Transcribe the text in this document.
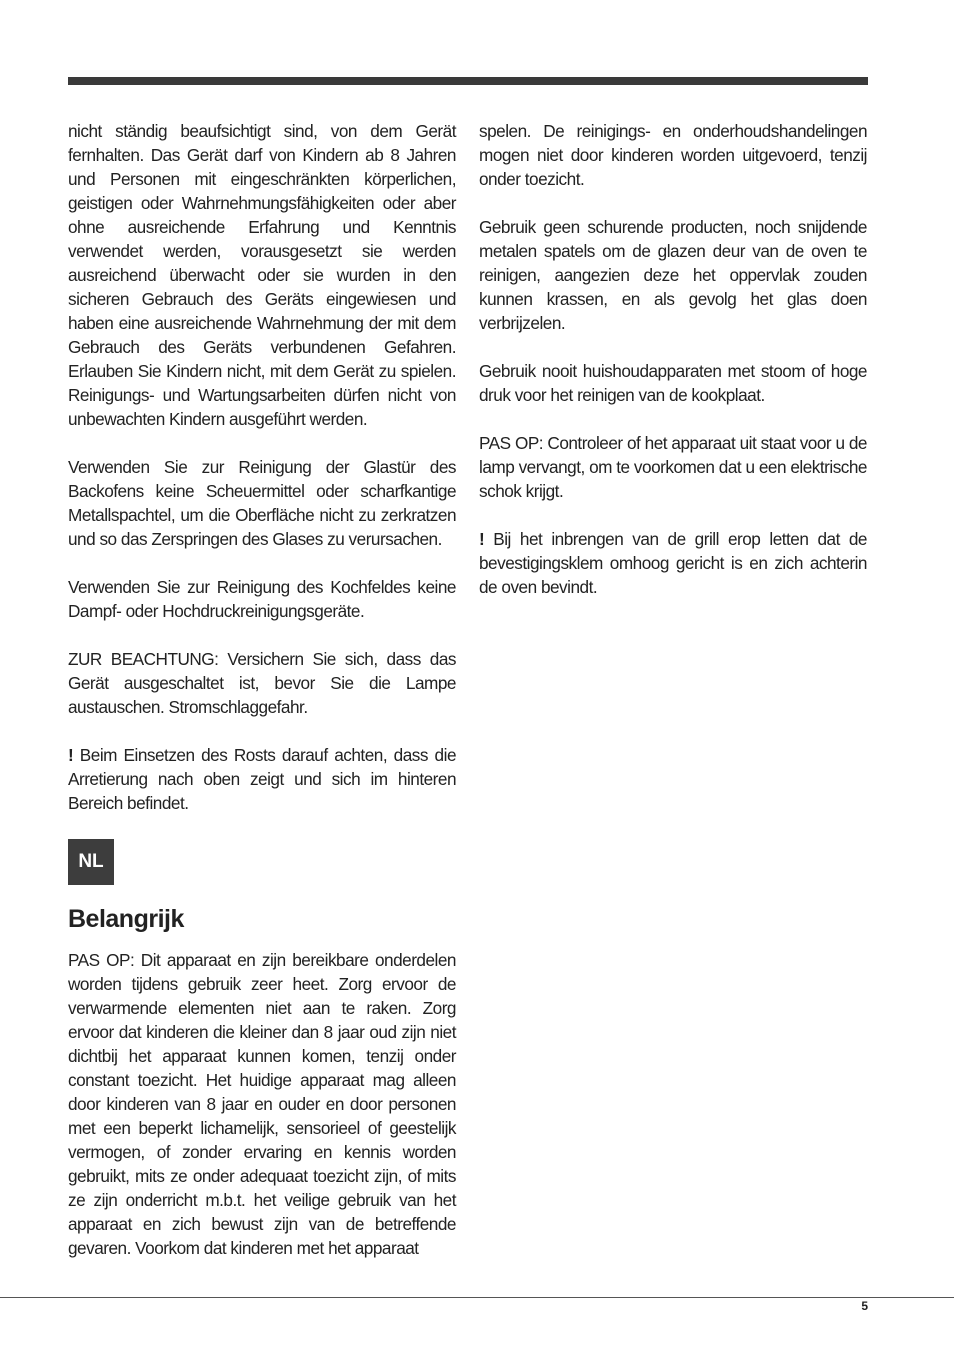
nicht ständig beaufsichtigt sind, von dem Gerät fernhalten. Das Gerät darf von Kindern ab 8 Jahren und Personen mit eingeschränkten körperlichen, geistigen oder Wahrnehmungsfähigkeiten oder aber ohne ausreichende Erfahrung und Kenntnis verwendet werden, vorausgesetzt sie werden ausreichend überwacht oder sie wurden in den sicheren Gebrauch des Geräts eingewiesen und haben eine ausreichende Wahrnehmung der mit dem Gebrauch des Geräts verbundenen Gefahren. Erlauben Sie Kindern nicht, mit dem Gerät zu spielen. Reinigungs- und Wartungsarbeiten dürfen nicht von unbewachten Kindern ausgeführt werden.

Verwenden Sie zur Reinigung der Glastür des Backofens keine Scheuermittel oder scharfkantige Metallspachtel, um die Oberfläche nicht zu zerkratzen und so das Zerspringen des Glases zu verursachen.

Verwenden Sie zur Reinigung des Kochfeldes keine Dampf- oder Hochdruckreinigungsgeräte.

ZUR BEACHTUNG: Versichern Sie sich, dass das Gerät ausgeschaltet ist, bevor Sie die Lampe austauschen. Stromschlaggefahr.

! Beim Einsetzen des Rosts darauf achten, dass die Arretierung nach oben zeigt und sich im hinteren Bereich befindet.

NL
Belangrijk

PAS OP: Dit apparaat en zijn bereikbare onderdelen worden tijdens gebruik zeer heet. Zorg ervoor de verwarmende elementen niet aan te raken. Zorg ervoor dat kinderen die kleiner dan 8 jaar oud zijn niet dichtbij het apparaat kunnen komen, tenzij onder constant toezicht. Het huidige apparaat mag alleen door kinderen van 8 jaar en ouder en door personen met een beperkt lichamelijk, sensorieel of geestelijk vermogen, of zonder ervaring en kennis worden gebruikt, mits ze onder adequaat toezicht zijn, of mits ze zijn onderricht m.b.t. het veilige gebruik van het apparaat en zich bewust zijn van de betreffende gevaren. Voorkom dat kinderen met het apparaat

spelen. De reinigings- en onderhoudshandelingen mogen niet door kinderen worden uitgevoerd, tenzij onder toezicht.

Gebruik geen schurende producten, noch snijdende metalen spatels om de glazen deur van de oven te reinigen, aangezien deze het oppervlak zouden kunnen krassen, en als gevolg het glas doen verbrijzelen.

Gebruik nooit huishoudapparaten met stoom of hoge druk voor het reinigen van de kookplaat.

PAS OP: Controleer of het apparaat uit staat voor u de lamp vervangt, om te voorkomen dat u een elektrische schok krijgt.

! Bij het inbrengen van de grill erop letten dat de bevestigingsklem omhoog gericht is en zich achterin de oven bevindt.

5
